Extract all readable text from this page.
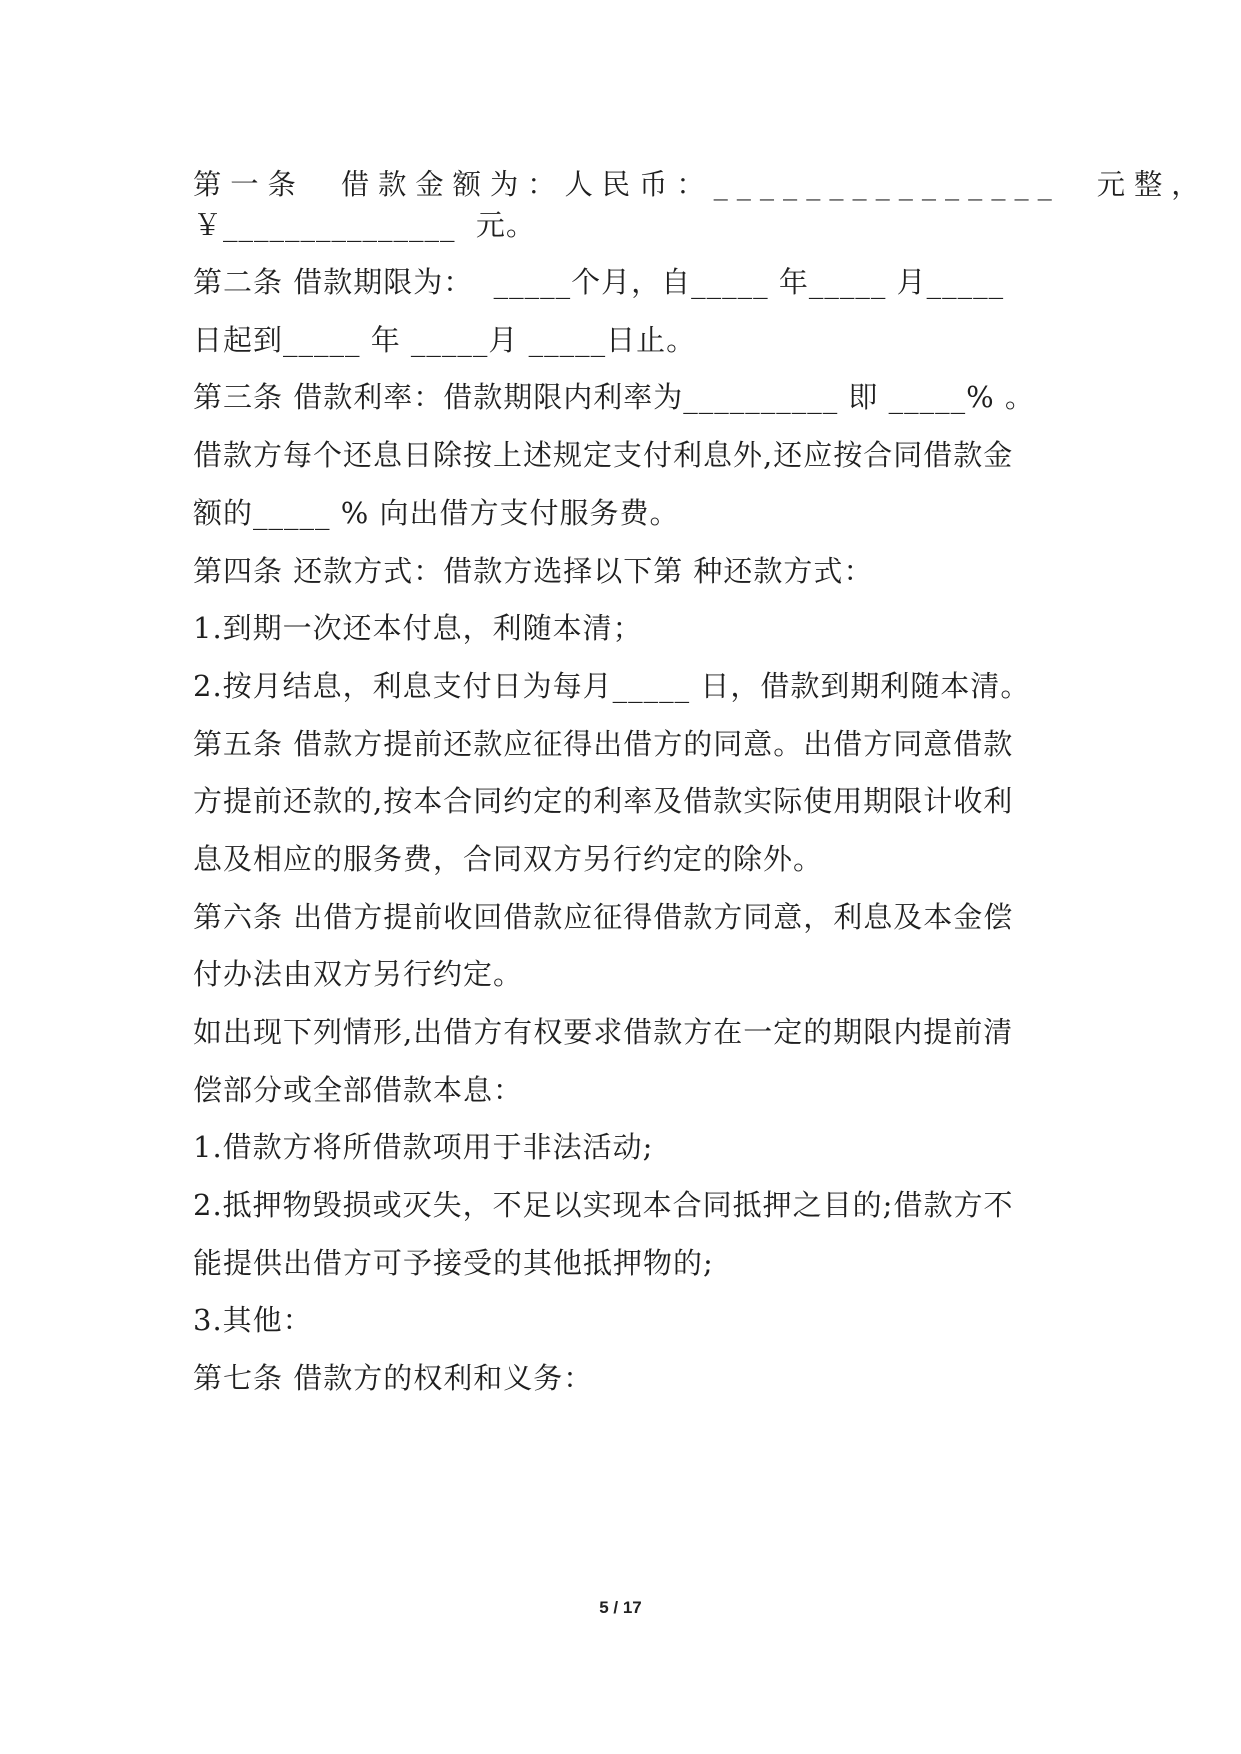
第一条  借款金额为：人民币：_______________  元整，
￥_______________  元。
第二条 借款期限为：  _____个月，自_____ 年_____ 月_____
日起到_____ 年 _____月 _____日止。
第三条 借款利率：借款期限内利率为__________ 即 _____% 。
借款方每个还息日除按上述规定支付利息外,还应按合同借款金
额的_____ % 向出借方支付服务费。
第四条 还款方式：借款方选择以下第 种还款方式：
1.到期一次还本付息，利随本清；
2.按月结息，利息支付日为每月_____ 日，借款到期利随本清。
第五条 借款方提前还款应征得出借方的同意。出借方同意借款
方提前还款的,按本合同约定的利率及借款实际使用期限计收利
息及相应的服务费，合同双方另行约定的除外。
第六条 出借方提前收回借款应征得借款方同意，利息及本金偿
付办法由双方另行约定。
如出现下列情形,出借方有权要求借款方在一定的期限内提前清
偿部分或全部借款本息：
1.借款方将所借款项用于非法活动;
2.抵押物毁损或灭失，不足以实现本合同抵押之目的;借款方不
能提供出借方可予接受的其他抵押物的;
3.其他：
第七条 借款方的权利和义务：
5 / 17
